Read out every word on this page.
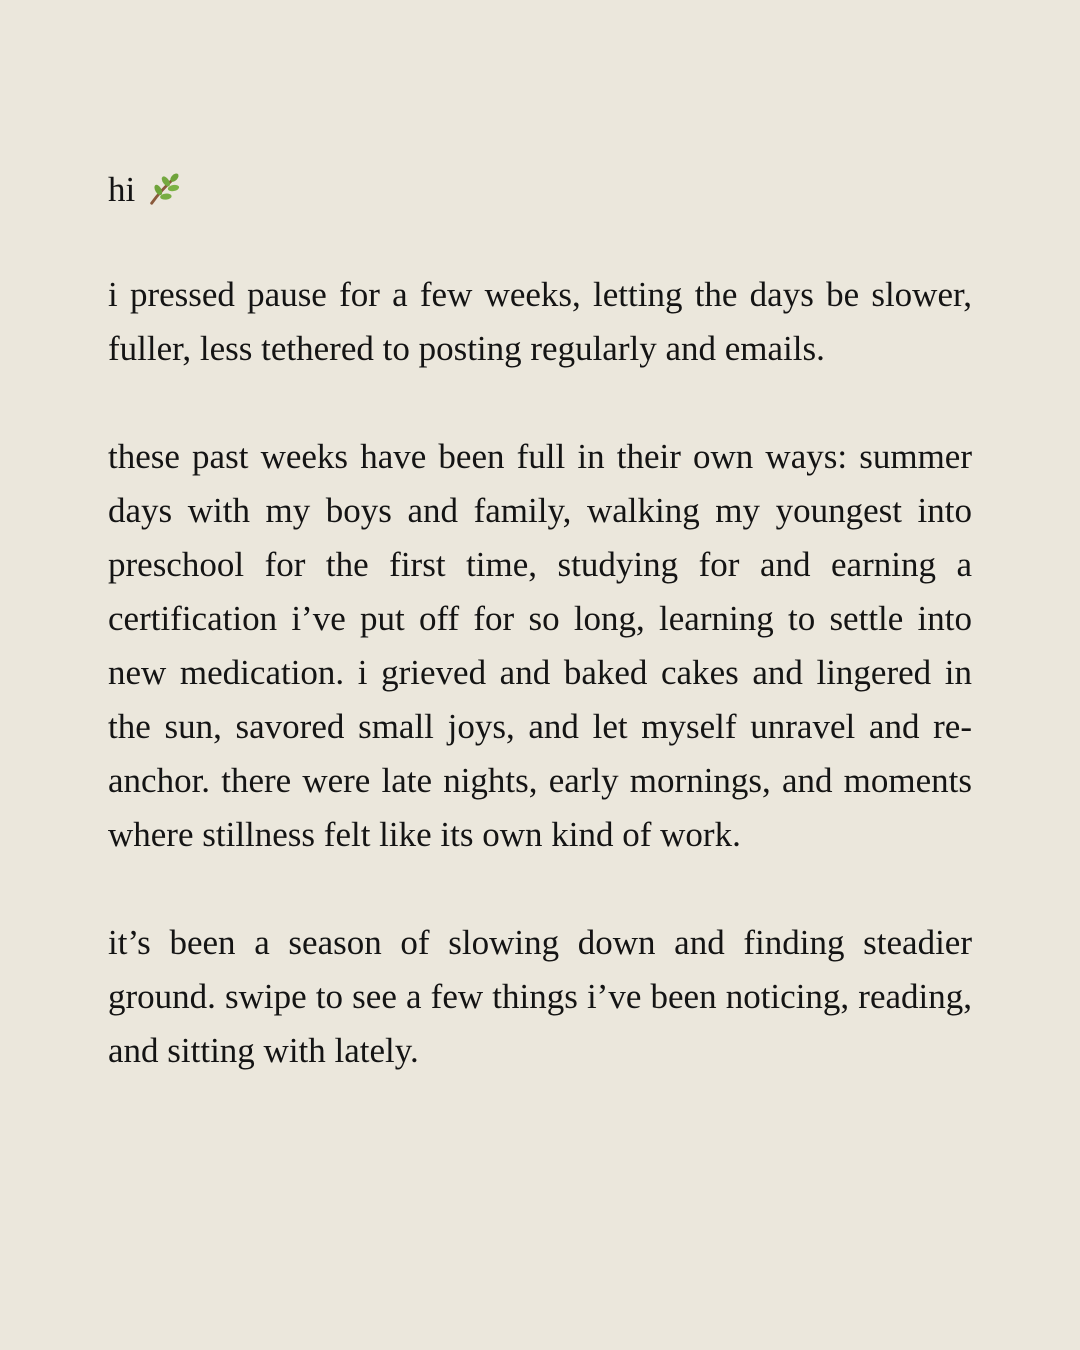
hi

i pressed pause for a few weeks, letting the days be slower, fuller, less tethered to posting regularly and emails.

these past weeks have been full in their own ways: summer days with my boys and family, walking my youngest into preschool for the first time, studying for and earning a certification i’ve put off for so long, learning to settle into new medication. i grieved and baked cakes and lingered in the sun, savored small joys, and let myself unravel and re-anchor. there were late nights, early mornings, and moments where stillness felt like its own kind of work.

it’s been a season of slowing down and finding steadier ground. swipe to see a few things i’ve been noticing, reading, and sitting with lately.
